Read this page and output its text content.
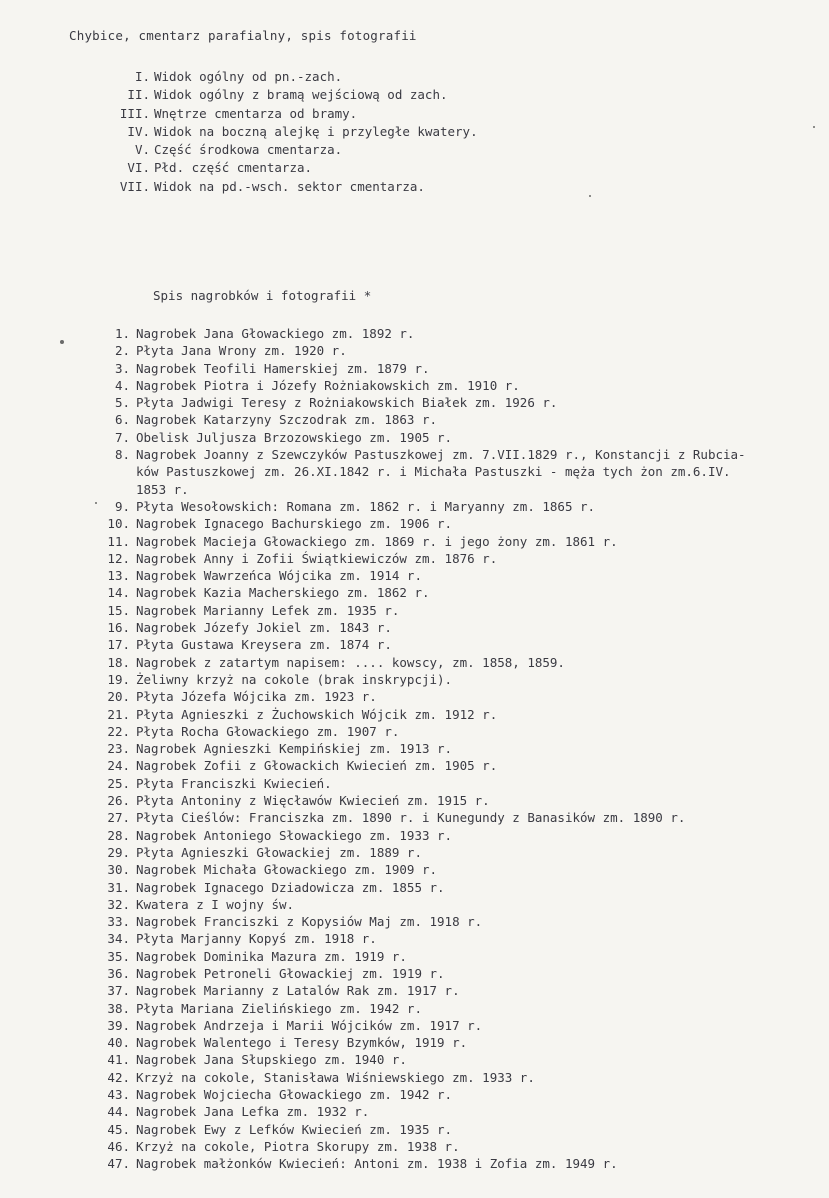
Chybice, cmentarz parafialny, spis fotografii
I. Widok ogólny od pn.-zach.
II. Widok ogólny z bramą wejściową od zach.
III. Wnętrze cmentarza od bramy.
IV. Widok na boczną alejkę i przyległe kwatery.
V. Część środkowa cmentarza.
VI. Płd. część cmentarza.
VII. Widok na pd.-wsch. sektor cmentarza.
Spis nagrobków i fotografii *
1. Nagrobek Jana Głowackiego zm. 1892 r.
2. Płyta Jana Wrony zm. 1920 r.
3. Nagrobek Teofili Hamerskiej zm. 1879 r.
4. Nagrobek Piotra i Józefy Rożniakowskich zm. 1910 r.
5. Płyta Jadwigi Teresy z Rożniakowskich Białek zm. 1926 r.
6. Nagrobek Katarzyny Szczodrak zm. 1863 r.
7. Obelisk Juljusza Brzozowskiego zm. 1905 r.
8. Nagrobek Joanny z Szewczyków Pastuszkowej zm. 7.VII.1829 r., Konstancji z Rubcia-
ków Pastuszkowej zm. 26.XI.1842 r. i Michała Pastuszki - męża tych żon zm.6.IV.
1853 r.
9. Płyta Wesołowskich: Romana zm. 1862 r. i Maryanny zm. 1865 r.
10. Nagrobek Ignacego Bachurskiego zm. 1906 r.
11. Nagrobek Macieja Głowackiego zm. 1869 r. i jego żony zm. 1861 r.
12. Nagrobek Anny i Zofii Świątkiewiczów zm. 1876 r.
13. Nagrobek Wawrzeńca Wójcika zm. 1914 r.
14. Nagrobek Kazia Macherskiego zm. 1862 r.
15. Nagrobek Marianny Lefek zm. 1935 r.
16. Nagrobek Józefy Jokiel zm. 1843 r.
17. Płyta Gustawa Kreysera zm. 1874 r.
18. Nagrobek z zatartym napisem: .... kowscy, zm. 1858, 1859.
19. Żeliwny krzyż na cokole (brak inskrypcji).
20. Płyta Józefa Wójcika zm. 1923 r.
21. Płyta Agnieszki z Żuchowskich Wójcik zm. 1912 r.
22. Płyta Rocha Głowackiego zm. 1907 r.
23. Nagrobek Agnieszki Kempińskiej zm. 1913 r.
24. Nagrobek Zofii z Głowackich Kwiecień zm. 1905 r.
25. Płyta Franciszki Kwiecień.
26. Płyta Antoniny z Więcławów Kwiecień zm. 1915 r.
27. Płyta Cieślów: Franciszka zm. 1890 r. i Kunegundy z Banasików zm. 1890 r.
28. Nagrobek Antoniego Słowackiego zm. 1933 r.
29. Płyta Agnieszki Głowackiej zm. 1889 r.
30. Nagrobek Michała Głowackiego zm. 1909 r.
31. Nagrobek Ignacego Dziadowicza zm. 1855 r.
32. Kwatera z I wojny św.
33. Nagrobek Franciszki z Kopysiów Maj zm. 1918 r.
34. Płyta Marjanny Kopyś zm. 1918 r.
35. Nagrobek Dominika Mazura zm. 1919 r.
36. Nagrobek Petroneli Głowackiej zm. 1919 r.
37. Nagrobek Marianny z Latalów Rak zm. 1917 r.
38. Płyta Mariana Zielińskiego zm. 1942 r.
39. Nagrobek Andrzeja i Marii Wójcików zm. 1917 r.
40. Nagrobek Walentego i Teresy Bzymków, 1919 r.
41. Nagrobek Jana Słupskiego zm. 1940 r.
42. Krzyż na cokole, Stanisława Wiśniewskiego zm. 1933 r.
43. Nagrobek Wojciecha Głowackiego zm. 1942 r.
44. Nagrobek Jana Lefka zm. 1932 r.
45. Nagrobek Ewy z Lefków Kwiecień zm. 1935 r.
46. Krzyż na cokole, Piotra Skorupy zm. 1938 r.
47. Nagrobek małżonków Kwiecień: Antoni zm. 1938 i Zofia zm. 1949 r.
